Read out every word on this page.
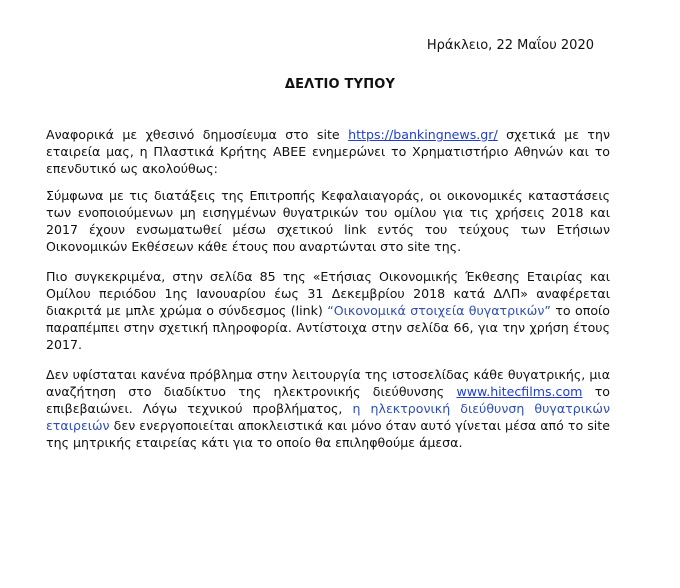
Ηράκλειο, 22 Μαΐου 2020
ΔΕΛΤΙΟ ΤΥΠΟΥ

Αναφορικά με χθεσινό δημοσίευμα στο site https://bankingnews.gr/ σχετικά με την εταιρεία μας, η Πλαστικά Κρήτης ΑΒΕΕ ενημερώνει το Χρηματιστήριο Αθηνών και το επενδυτικό ως ακολούθως:

Σύμφωνα με τις διατάξεις της Επιτροπής Κεφαλαιαγοράς, οι οικονομικές καταστάσεις των ενοποιούμενων μη εισηγμένων θυγατρικών του ομίλου για τις χρήσεις 2018 και 2017 έχουν ενσωματωθεί μέσω σχετικού link εντός του τεύχους των Ετήσιων Οικονομικών Εκθέσεων κάθε έτους που αναρτώνται στο site της.

Πιο συγκεκριμένα, στην σελίδα 85 της «Ετήσιας Οικονομικής Έκθεσης Εταιρίας και Ομίλου περιόδου 1ης Ιανουαρίου έως 31 Δεκεμβρίου 2018 κατά ΔΛΠ» αναφέρεται διακριτά με μπλε χρώμα ο σύνδεσμος (link) “Οικονομικά στοιχεία θυγατρικών” το οποίο παραπέμπει στην σχετική πληροφορία. Αντίστοιχα στην σελίδα 66, για την χρήση έτους 2017.

Δεν υφίσταται κανένα πρόβλημα στην λειτουργία της ιστοσελίδας κάθε θυγατρικής, μια αναζήτηση στο διαδίκτυο της ηλεκτρονικής διεύθυνσης www.hitecfilms.com το επιβεβαιώνει. Λόγω τεχνικού προβλήματος, η ηλεκτρονική διεύθυνση θυγατρικών εταιρειών δεν ενεργοποιείται αποκλειστικά και μόνο όταν αυτό γίνεται μέσα από το site της μητρικής εταιρείας κάτι για το οποίο θα επιληφθούμε άμεσα.
